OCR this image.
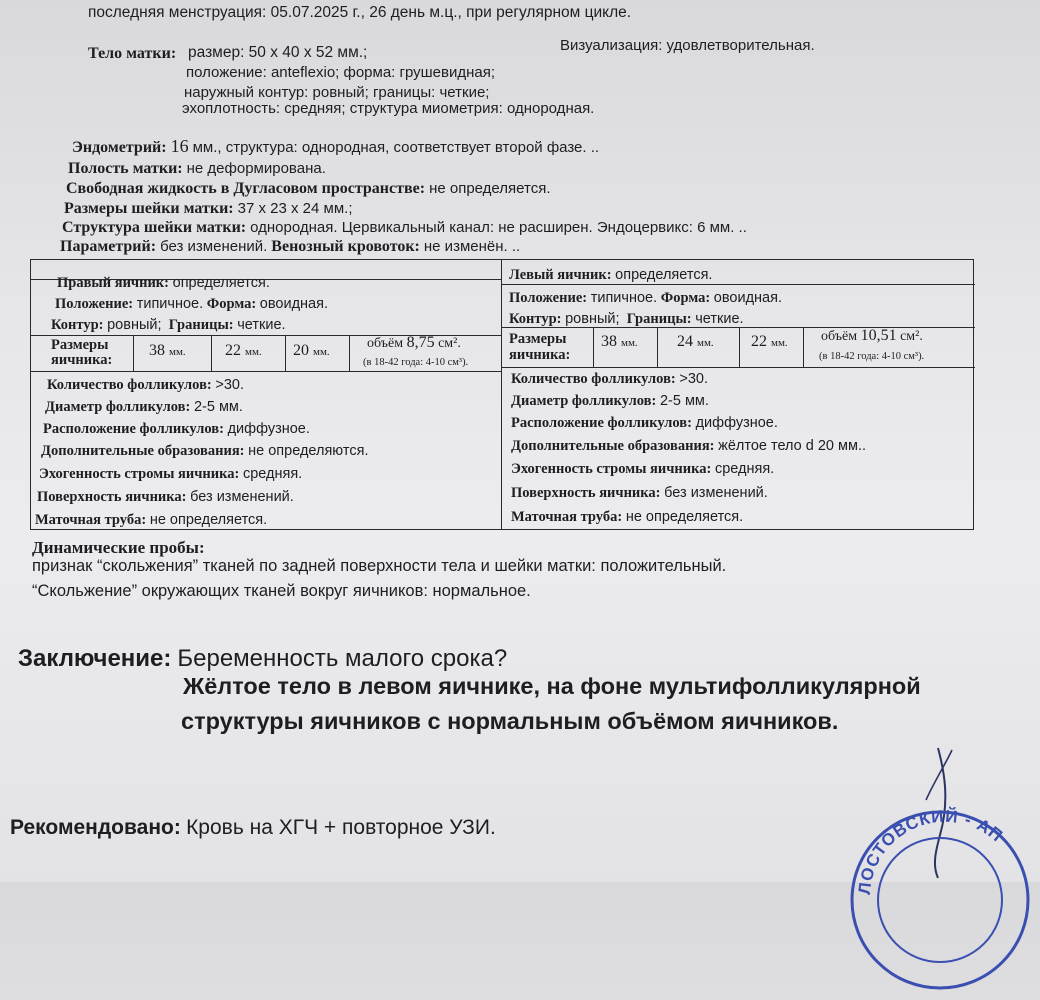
последняя менструация: 05.07.2025 г., 26 день м.ц., при регулярном цикле.
Тело матки: размер: 50 x 40 x 52 мм.;	Визуализация: удовлетворительная.
положение: anteflexio; форма: грушевидная;
наружный контур: ровный; границы: четкие;
эхоплотность: средняя; структура миометрия: однородная.
Эндометрий: 16 мм., структура: однородная, соответствует второй фазе. ..
Полость матки: не деформирована.
Свободная жидкость в Дугласовом пространстве: не определяется.
Размеры шейки матки: 37 x 23 x 24 мм.;
Структура шейки матки: однородная. Цервикальный канал: не расширен. Эндоцервикс: 6 мм. ..
Параметрий: без изменений. Венозный кровоток: не изменён. ..
Правый яичник: определяется.
Положение: типичное. Форма: овоидная.
Контур: ровный; Границы: четкие.
Размеры
яичника:
38 мм. 22 мм. 20 мм.
объём 8,75 см².
(в 18-42 года: 4-10 см³).
Количество фолликулов: >30.
Диаметр фолликулов: 2-5 мм.
Расположение фолликулов: диффузное.
Дополнительные образования: не определяются.
Эхогенность стромы яичника: средняя.
Поверхность яичника: без изменений.
Маточная труба: не определяется.
Левый яичник: определяется.
Положение: типичное. Форма: овоидная.
Контур: ровный; Границы: четкие.
Размеры
яичника:
38 мм. 24 мм. 22 мм. объём 10,51 см².
(в 18-42 года: 4-10 см³).
Количество фолликулов: >30.
Диаметр фолликулов: 2-5 мм.
Расположение фолликулов: диффузное.
Дополнительные образования: жёлтое тело d 20 мм..
Эхогенность стромы яичника: средняя.
Поверхность яичника: без изменений.
Маточная труба: не определяется.
Динамические пробы:
признак “скольжения” тканей по задней поверхности тела и шейки матки: положительный.
“Скольжение” окружающих тканей вокруг яичников: нормальное.
Заключение: Беременность малого срока?
Жёлтое тело в левом яичнике, на фоне мультифолликулярной
структуры яичников с нормальным объёмом яичников.
Рекомендовано: Кровь на ХГЧ + повторное УЗИ.
ЛОСТОВСКИЙ - АП
